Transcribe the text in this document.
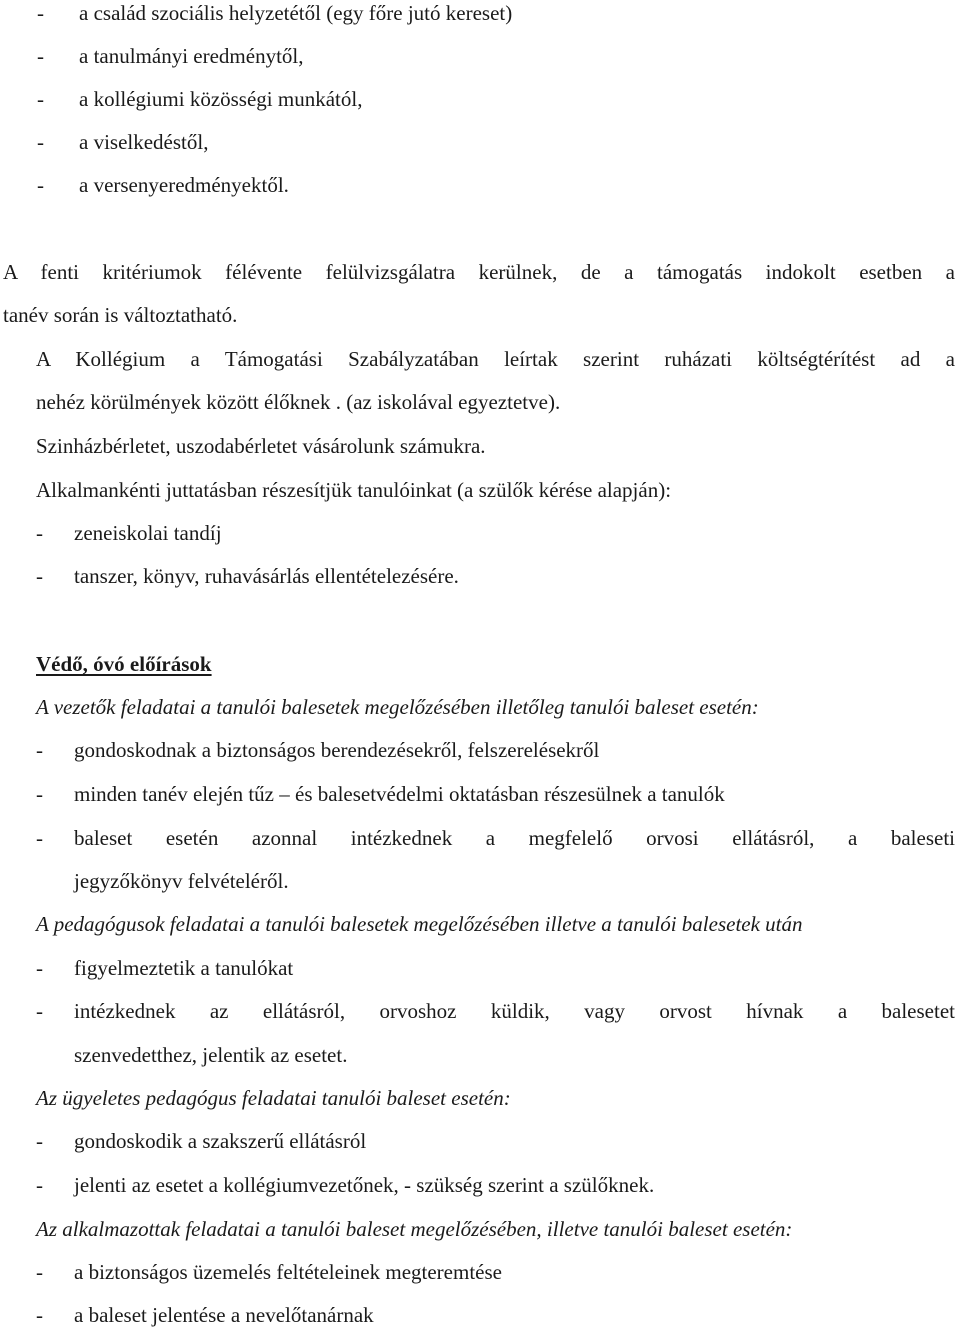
- a család szociális helyzetétől (egy főre jutó kereset)
- a tanulmányi eredménytől,
- a kollégiumi közösségi munkától,
- a viselkedéstől,
- a versenyeredményektől.
A fenti kritériumok félévente felülvizsgálatra kerülnek, de a támogatás indokolt esetben a
tanév során is változtatható.
A Kollégium a Támogatási Szabályzatában leírtak szerint ruházati költségtérítést ad a
nehéz körülmények között élőknek . (az iskolával egyeztetve).
Szinházbérletet, uszodabérletet vásárolunk számukra.
Alkalmankénti juttatásban részesítjük tanulóinkat (a szülők kérése alapján):
- zeneiskolai tandíj
- tanszer, könyv, ruhavásárlás ellentételezésére.
Védő, óvó előírások
A vezetők feladatai a tanulói balesetek megelőzésében illetőleg tanulói baleset esetén:
- gondoskodnak a biztonságos berendezésekről, felszerelésekről
- minden tanév elején tűz – és balesetvédelmi oktatásban részesülnek a tanulók
- baleset esetén azonnal intézkednek a megfelelő orvosi ellátásról, a baleseti
jegyzőkönyv felvételéről.
A pedagógusok feladatai a tanulói balesetek megelőzésében illetve a tanulói balesetek után
- figyelmeztetik a tanulókat
- intézkednek az ellátásról, orvoshoz küldik, vagy orvost hívnak a balesetet
szenvedetthez, jelentik az esetet.
Az ügyeletes pedagógus feladatai tanulói baleset esetén:
- gondoskodik a szakszerű ellátásról
- jelenti az esetet a kollégiumvezetőnek, - szükség szerint a szülőknek.
Az alkalmazottak feladatai a tanulói baleset megelőzésében, illetve tanulói baleset esetén:
- a biztonságos üzemelés feltételeinek megteremtése
- a baleset jelentése a nevelőtanárnak
